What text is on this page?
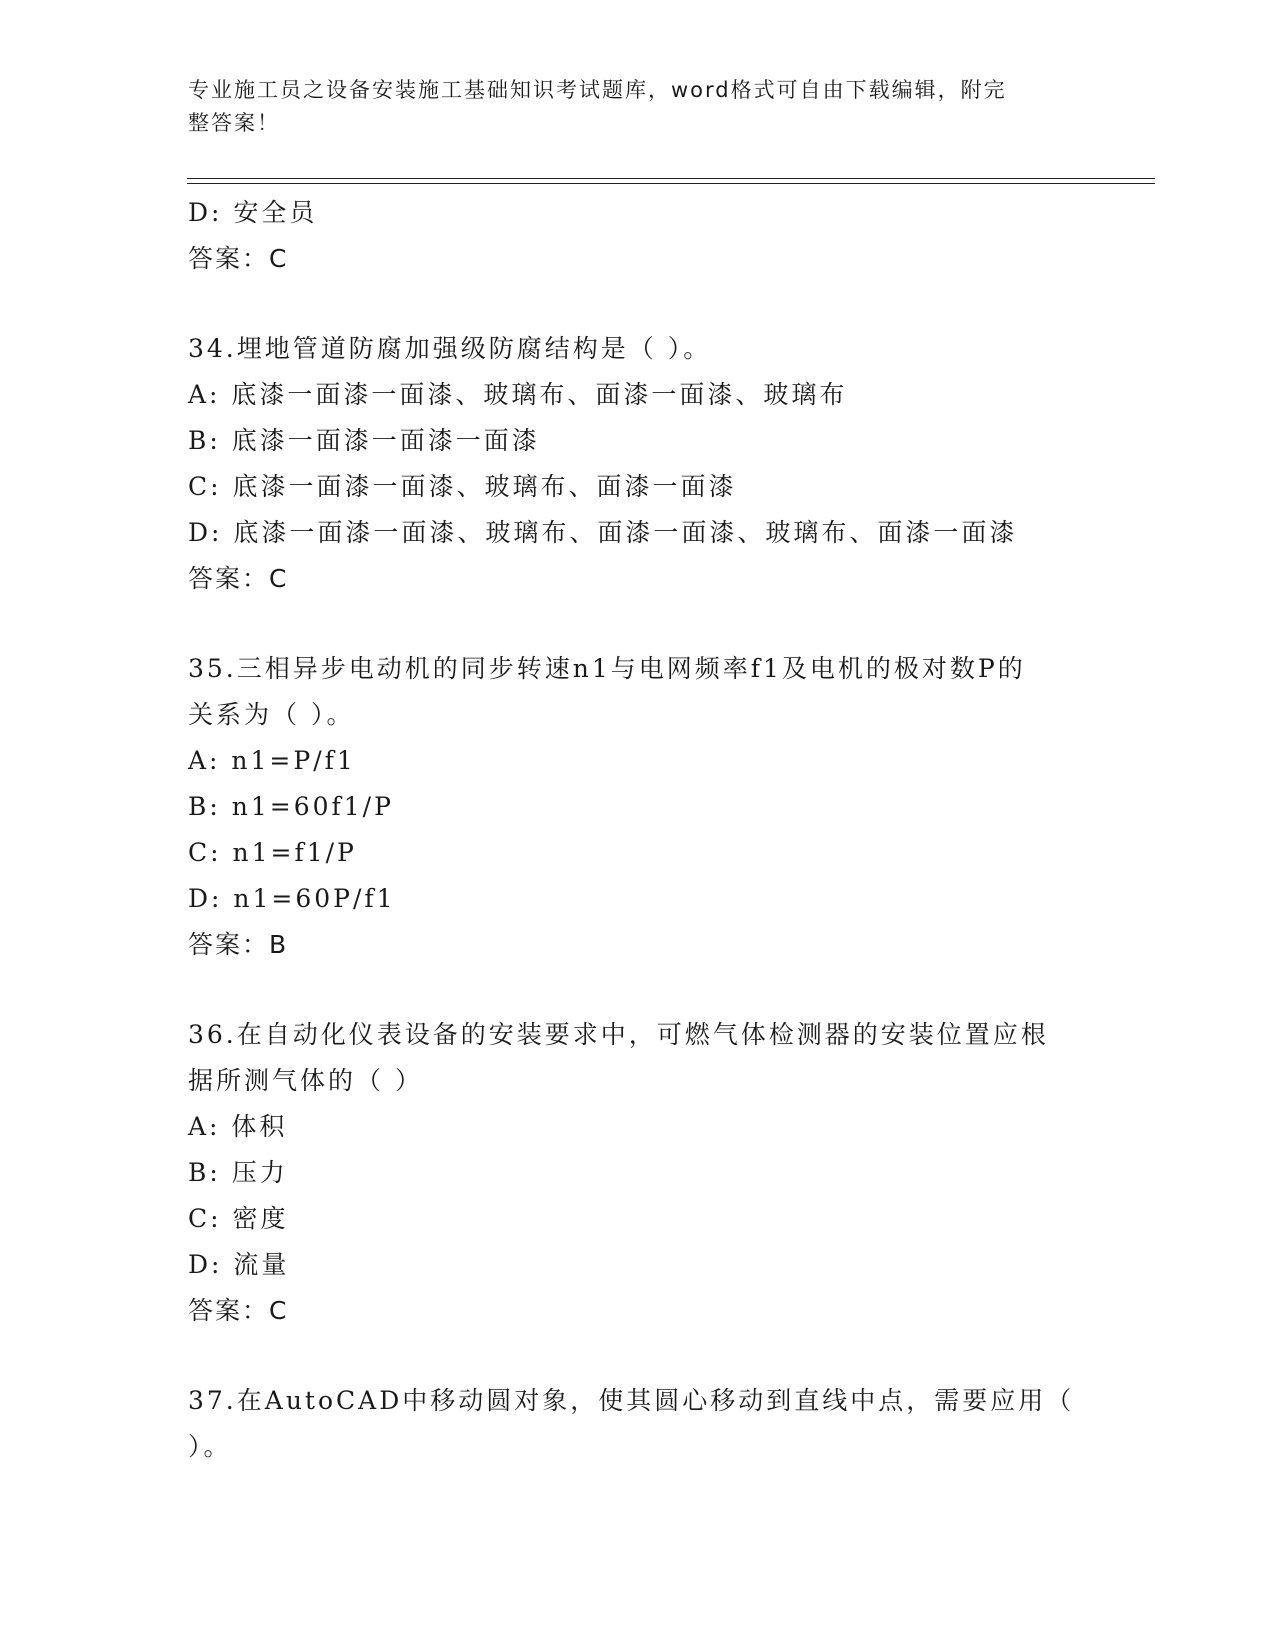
专业施工员之设备安装施工基础知识考试题库，word格式可自由下载编辑，附完
整答案！
D: 安全员
答案：C
34.埋地管道防腐加强级防腐结构是（ ）。
A: 底漆一面漆一面漆、玻璃布、面漆一面漆、玻璃布
B: 底漆一面漆一面漆一面漆
C: 底漆一面漆一面漆、玻璃布、面漆一面漆
D: 底漆一面漆一面漆、玻璃布、面漆一面漆、玻璃布、面漆一面漆
答案：C
35.三相异步电动机的同步转速n1与电网频率f1及电机的极对数P的
关系为（ ）。
A: n1=P/f1
B: n1=60f1/P
C: n1=f1/P
D: n1=60P/f1
答案：B
36.在自动化仪表设备的安装要求中，可燃气体检测器的安装位置应根
据所测气体的（ ）
A: 体积
B: 压力
C: 密度
D: 流量
答案：C
37.在AutoCAD中移动圆对象，使其圆心移动到直线中点，需要应用（
）。
